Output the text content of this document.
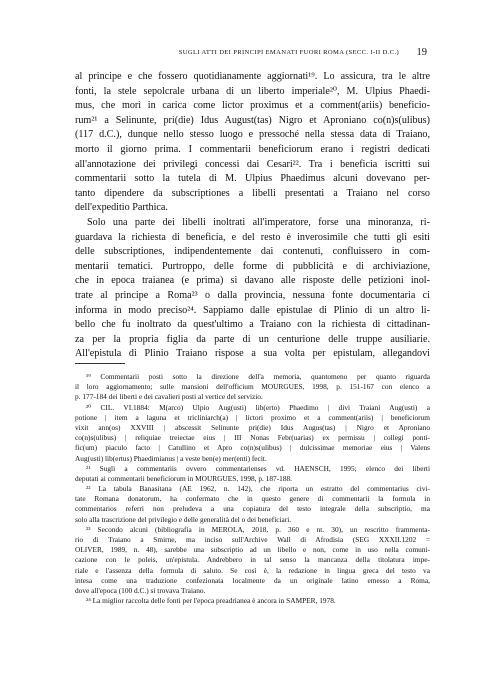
SUGLI ATTI DEI PRINCIPI EMANATI FUORI ROMA (SECC. I-II D.C.) 19
al principe e che fossero quotidianamente aggiornati¹⁹. Lo assicura, tra le altre
fonti, la stele sepolcrale urbana di un liberto imperiale²⁰, M. Ulpius Phaedi-
mus, che morì in carica come lictor proximus et a comment(ariis) beneficio-
rum²¹ a Selinunte, pri(die) Idus August(tas) Nigro et Aproniano co(n)s(ulibus)
(117 d.C.), dunque nello stesso luogo e pressoché nella stessa data di Traiano,
morto il giorno prima. I commentarii beneficiorum erano i registri dedicati
all'annotazione dei privilegi concessi dai Cesari²². Tra i beneficia iscritti sui
commentarii sotto la tutela di M. Ulpius Phaedimus alcuni dovevano per-
tanto dipendere da subscriptiones a libelli presentati a Traiano nel corso
dell'expeditio Parthica.
Solo una parte dei libelli inoltrati all'imperatore, forse una minoranza, ri-
guardava la richiesta di beneficia, e del resto è inverosimile che tutti gli esiti
delle subscriptiones, indipendentemente dai contenuti, confluissero in com-
mentarii tematici. Purtroppo, delle forme di pubblicità e di archiviazione,
che in epoca traianea (e prima) si davano alle risposte delle petizioni inol-
trate al principe a Roma²³ o dalla provincia, nessuna fonte documentaria ci
informa in modo preciso²⁴. Sappiamo dalle epistulae di Plinio di un altro li-
bello che fu inoltrato da quest'ultimo a Traiano con la richiesta di cittadinan-
za per la propria figlia da parte di un centurione delle truppe ausiliarie.
All'epistula di Plinio Traiano rispose a sua volta per epistulam, allegandovi
¹⁹ Commentarii posti sotto la direzione dell'a memoria, quantomeno per quanto riguarda
il loro aggiornamento; sulle mansioni dell'officium MOURGUES, 1998, p. 151-167 con elenco a
p. 177-184 dei liberti e dei cavalieri posti al vertice del servizio.
²⁰ CIL. VI.1884: M(arco) Ulpio Aug(usti) lib(erto) Phaedimo | divi Traiani Aug(usti) a
potione | item a laguna et tricliniarch(a) | lictori proximo et a comment(ariis) | beneficiorum
vixit ann(os) XXVIII | abscessit Selinunte pri(die) Idus Augus(tas) | Nigro et Aproniano
co(n)s(ulibus) | reliquiae treiectae eius | III Nonas Febr(uarias) ex permissu | collegi ponti-
fic(um) piaculo facto | Catullino et Apro co(n)s(ulibus) | dulcissimae memoriae eius | Valens
Aug(usti) lib(ertus) Phaedimianus | a veste ben(e) mer(enti) fecit.
²¹ Sugli a commentariis ovvero commentarienses vd. HAENSCH, 1995; elenco dei liberti
deputati ai commentarii beneficiorum in MOURGUES, 1998, p. 187-188.
²² La tabula Banasitana (AE 1962, n. 142), che riporta un estratto del commentarius civi-
tate Romana donatorum, ha confermato che in questo genere di commentarii la formula in
commentarios referri non preludeva a una copiatura del testo integrale della subscriptio, ma
solo alla trascrizione del privilegio e delle generalità del o dei beneficiari.
²³ Secondo alcuni (bibliografia in MEROLA, 2018, p. 360 e nt. 30), un rescritto frammenta-
rio di Traiano a Smirne, ma inciso sull'Archive Wall di Afrodisia (SEG XXXII.1202 =
OLIVER, 1989, n. 48), sarebbe una subscriptio ad un libello e non, come in uso nella comuni-
cazione con le poleis, un'epistula. Andrebbero in tal senso la mancanza della titolatura impe-
riale e l'assenza della formula di saluto. Se così è, la redazione in lingua greca del testo va
intesa come una traduzione confezionata localmente da un originale latino emesso a Roma,
dove all'epoca (100 d.C.) si trovava Traiano.
²⁴ La miglior raccolta delle fonti per l'epoca preadrianea è ancora in SAMPER, 1978.
